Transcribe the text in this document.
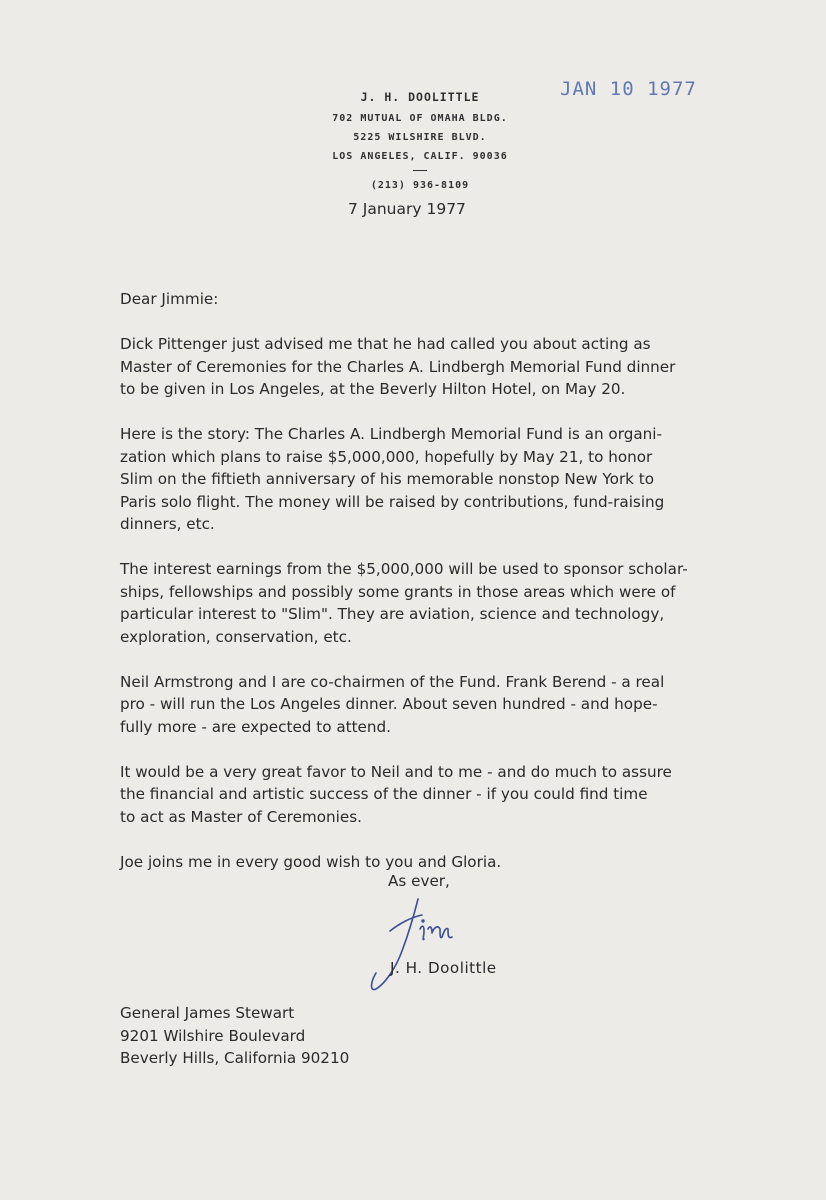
J. H. DOOLITTLE
702 MUTUAL OF OMAHA BLDG.
5225 WILSHIRE BLVD.
LOS ANGELES, CALIF. 90036
(213) 936-8109
JAN 10 1977
7 January 1977

Dear Jimmie:

Dick Pittenger just advised me that he had called you about acting as
Master of Ceremonies for the Charles A. Lindbergh Memorial Fund dinner
to be given in Los Angeles, at the Beverly Hilton Hotel, on May 20.

Here is the story: The Charles A. Lindbergh Memorial Fund is an organi-
zation which plans to raise $5,000,000, hopefully by May 21, to honor
Slim on the fiftieth anniversary of his memorable nonstop New York to
Paris solo flight. The money will be raised by contributions, fund-raising
dinners, etc.

The interest earnings from the $5,000,000 will be used to sponsor scholar-
ships, fellowships and possibly some grants in those areas which were of
particular interest to "Slim". They are aviation, science and technology,
exploration, conservation, etc.

Neil Armstrong and I are co-chairmen of the Fund. Frank Berend - a real
pro - will run the Los Angeles dinner. About seven hundred - and hope-
fully more - are expected to attend.

It would be a very great favor to Neil and to me - and do much to assure
the financial and artistic success of the dinner - if you could find time
to act as Master of Ceremonies.

Joe joins me in every good wish to you and Gloria.

As ever,
J. H. Doolittle
General James Stewart
9201 Wilshire Boulevard
Beverly Hills, California 90210
